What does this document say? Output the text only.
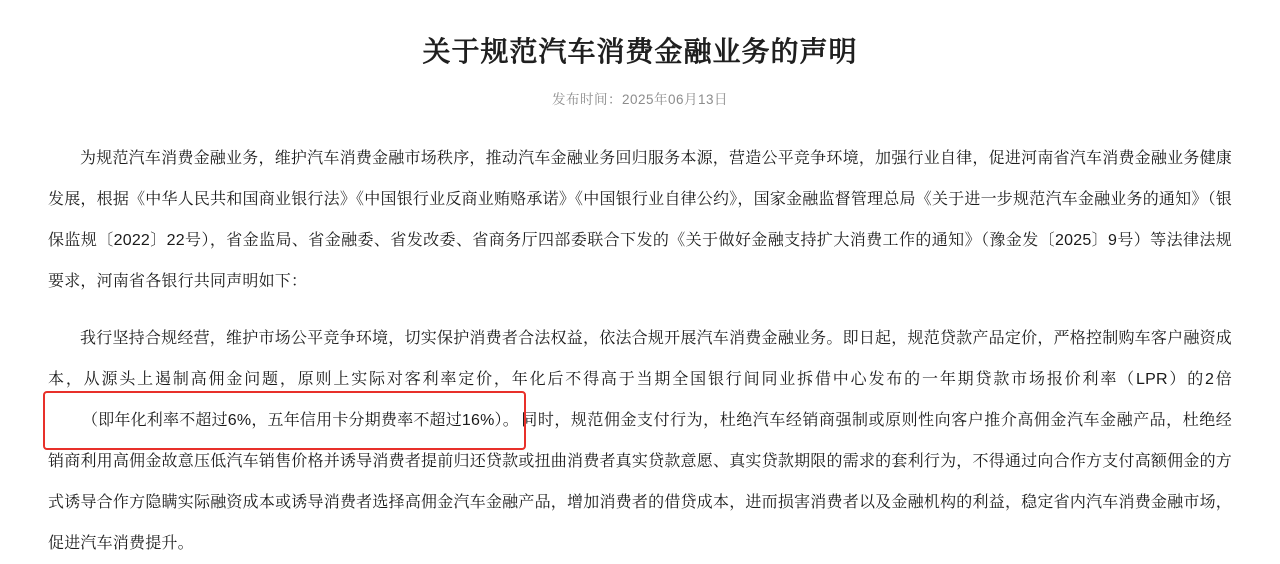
关于规范汽车消费金融业务的声明
发布时间：2025年06月13日

为规范汽车消费金融业务，维护汽车消费金融市场秩序，推动汽车金融业务回归服务本源，营造公平竞争环境，加强行业自律，促进河南省汽车消费金融业务健康发展，根据《中华人民共和国商业银行法》《中国银行业反商业贿赂承诺》《中国银行业自律公约》，国家金融监督管理总局《关于进一步规范汽车金融业务的通知》（银保监规〔2022〕22号），省金监局、省金融委、省发改委、省商务厅四部委联合下发的《关于做好金融支持扩大消费工作的通知》（豫金发〔2025〕9号）等法律法规要求，河南省各银行共同声明如下：

我行坚持合规经营，维护市场公平竞争环境，切实保护消费者合法权益，依法合规开展汽车消费金融业务。即日起，规范贷款产品定价，严格控制购车客户融资成本，从源头上遏制高佣金问题，原则上实际对客利率定价，年化后不得高于当期全国银行间同业拆借中心发布的一年期贷款市场报价利率（LPR）的2倍（即年化利率不超过6%，五年信用卡分期费率不超过16%）。 同时，规范佣金支付行为，杜绝汽车经销商强制或原则性向客户推介高佣金汽车金融产品，杜绝经销商利用高佣金故意压低汽车销售价格并诱导消费者提前归还贷款或扭曲消费者真实贷款意愿、真实贷款期限的需求的套利行为，不得通过向合作方支付高额佣金的方式诱导合作方隐瞒实际融资成本或诱导消费者选择高佣金汽车金融产品，增加消费者的借贷成本，进而损害消费者以及金融机构的利益，稳定省内汽车消费金融市场，促进汽车消费提升。
